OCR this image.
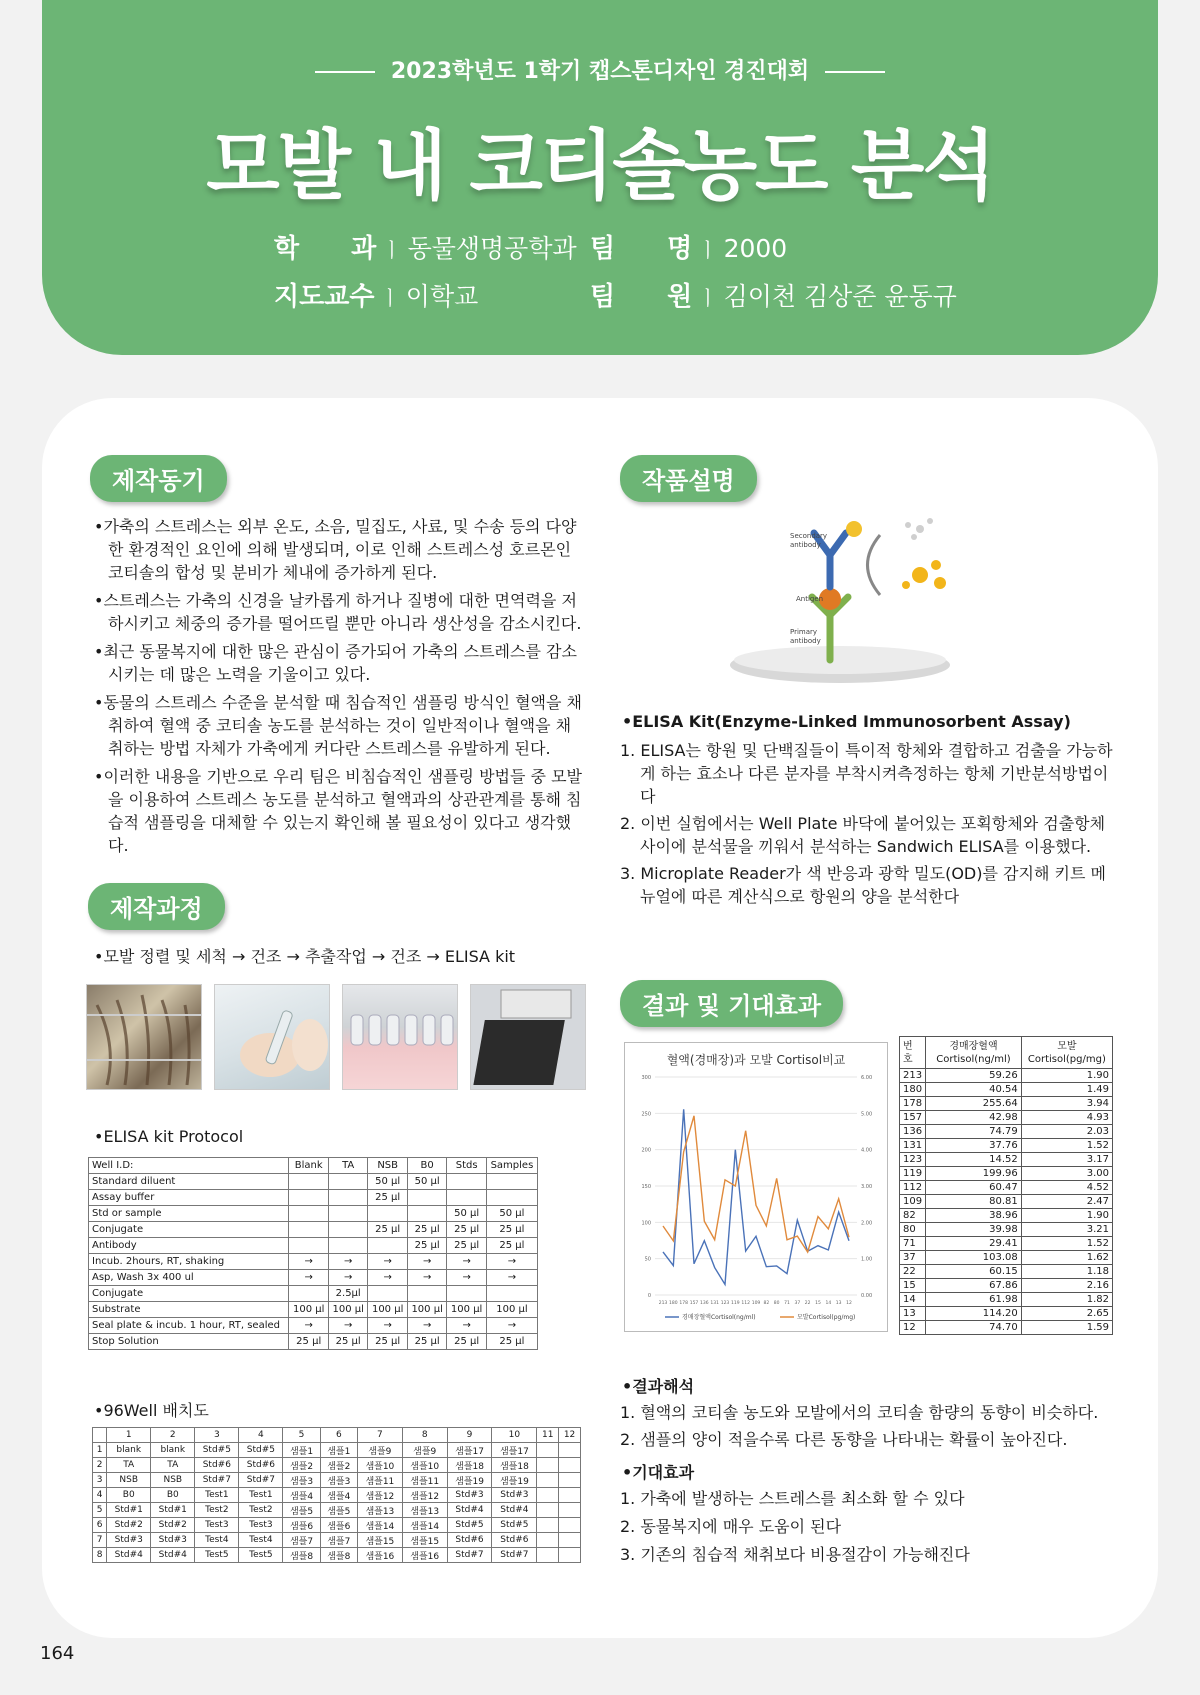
2023학년도 1학기 캡스톤디자인 경진대회
모발 내 코티솔농도 분석
학　　과 ㅣ 동물생명공학과 팀　　명 ㅣ 2000
지도교수 ㅣ 이학교	팀　　원 ㅣ 김이천 김상준 윤동규
제작동기

•가축의 스트레스는 외부 온도, 소음, 밀집도, 사료, 및 수송 등의 다양한 환경적인 요인에 의해 발생되며, 이로 인해 스트레스성 호르몬인 코티솔의 합성 및 분비가 체내에 증가하게 된다.

•스트레스는 가축의 신경을 날카롭게 하거나 질병에 대한 면역력을 저하시키고 체중의 증가를 떨어뜨릴 뿐만 아니라 생산성을 감소시킨다.

•최근 동물복지에 대한 많은 관심이 증가되어 가축의 스트레스를 감소시키는 데 많은 노력을 기울이고 있다.

•동물의 스트레스 수준을 분석할 때 침습적인 샘플링 방식인 혈액을 채취하여 혈액 중 코티솔 농도를 분석하는 것이 일반적이나 혈액을 채취하는 방법 자체가 가축에게 커다란 스트레스를 유발하게 된다.

•이러한 내용을 기반으로 우리 팀은 비침습적인 샘플링 방법들 중 모발을 이용하여 스트레스 농도를 분석하고 혈액과의 상관관계를 통해 침습적 샘플링을 대체할 수 있는지 확인해 볼 필요성이 있다고 생각했다.

제작과정
•모발 정렬 및 세척 → 건조 → 추출작업 → 건조 → ELISA kit
•ELISA kit Protocol
Well I.D:	Blank	TA	NSB	B0	Stds	Samples
Standard diluent			50 µl	50 µl		
Assay buffer			25 µl			
Std or sample					50 µl	50 µl
Conjugate			25 µl	25 µl	25 µl	25 µl
Antibody				25 µl	25 µl	25 µl
Incub. 2hours, RT, shaking	→	→	→	→	→	→
Asp, Wash 3x 400 ul	→	→	→	→	→	→
Conjugate		2.5µl				
Substrate	100 µl	100 µl	100 µl	100 µl	100 µl	100 µl
Seal plate & incub. 1 hour, RT, sealed	→	→	→	→	→	→
Stop Solution	25 µl	25 µl	25 µl	25 µl	25 µl	25 µl
•96Well 배치도
	1	2	3	4	5	6	7	8	9	10	11	12
1	blank	blank	Std#5	Std#5	샘플1	샘플1	샘플9	샘플9	샘플17	샘플17		
2	TA	TA	Std#6	Std#6	샘플2	샘플2	샘플10	샘플10	샘플18	샘플18		
3	NSB	NSB	Std#7	Std#7	샘플3	샘플3	샘플11	샘플11	샘플19	샘플19		
4	B0	B0	Test1	Test1	샘플4	샘플4	샘플12	샘플12	Std#3	Std#3		
5	Std#1	Std#1	Test2	Test2	샘플5	샘플5	샘플13	샘플13	Std#4	Std#4		
6	Std#2	Std#2	Test3	Test3	샘플6	샘플6	샘플14	샘플14	Std#5	Std#5		
7	Std#3	Std#3	Test4	Test4	샘플7	샘플7	샘플15	샘플15	Std#6	Std#6		
8	Std#4	Std#4	Test5	Test5	샘플8	샘플8	샘플16	샘플16	Std#7	Std#7		
작품설명
Secondary
antibody
Antigen
Primary
antibody
•ELISA Kit(Enzyme-Linked Immunosorbent Assay)

1. ELISA는 항원 및 단백질들이 특이적 항체와 결합하고 검출을 가능하게 하는 효소나 다른 분자를 부착시켜측정하는 항체 기반분석방법이다

2. 이번 실험에서는 Well Plate 바닥에 붙어있는 포획항체와 검출항체 사이에 분석물을 끼워서 분석하는 Sandwich ELISA를 이용했다.

3. Microplate Reader가 색 반응과 광학 밀도(OD)를 감지해 키트 메뉴얼에 따른 계산식으로 항원의 양을 분석한다

결과 및 기대효과
혈액(경매장)과 모발 Cortisol비교
300
250
200
150
100
50
0
6.00
5.00
4.00
3.00
2.00
1.00
0.00
213 180 178 157 136 131 123 119 112 109 82 80 71 37 22 15 14 13 12
경매장혈액Cortisol(ng/ml)	모발Cortisol(pg/mg)
번호	경매장혈액 Cortisol(ng/ml)	모발 Cortisol(pg/mg)
213	59.26	1.90
180	40.54	1.49
178	255.64	3.94
157	42.98	4.93
136	74.79	2.03
131	37.76	1.52
123	14.52	3.17
119	199.96	3.00
112	60.47	4.52
109	80.81	2.47
82	38.96	1.90
80	39.98	3.21
71	29.41	1.52
37	103.08	1.62
22	60.15	1.18
15	67.86	2.16
14	61.98	1.82
13	114.20	2.65
12	74.70	1.59
•결과해석

1. 혈액의 코티솔 농도와 모발에서의 코티솔 함량의 동향이 비슷하다.

2. 샘플의 양이 적을수록 다른 동향을 나타내는 확률이 높아진다.

•기대효과

1. 가축에 발생하는 스트레스를 최소화 할 수 있다

2. 동물복지에 매우 도움이 된다

3. 기존의 침습적 채취보다 비용절감이 가능해진다

164
